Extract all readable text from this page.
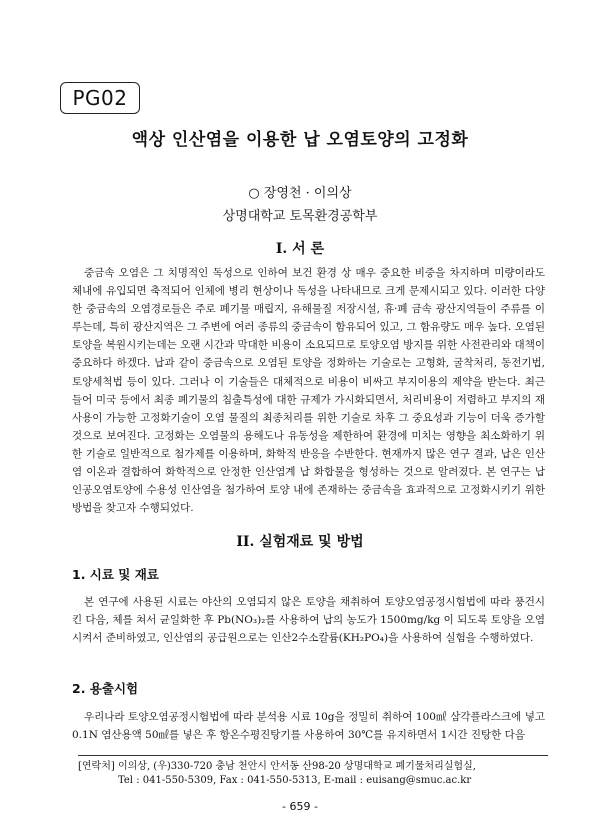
PG02
액상 인산염을 이용한 납 오염토양의 고정화
○ 장영천 · 이의상
상명대학교 토목환경공학부
I. 서 론

중금속 오염은 그 치명적인 독성으로 인하여 보건 환경 상 매우 중요한 비중을 차지하며 미량이라도 체내에 유입되면 축적되어 인체에 병리 현상이나 독성을 나타내므로 크게 문제시되고 있다. 이러한 다양한 중금속의 오염경로들은 주로 폐기물 매립지, 유해물질 저장시설, 휴·폐 금속 광산지역들이 주류를 이루는데, 특히 광산지역은 그 주변에 여러 종류의 중금속이 함유되어 있고, 그 함유량도 매우 높다. 오염된 토양을 복원시키는데는 오랜 시간과 막대한 비용이 소요되므로 토양오염 방지를 위한 사전관리와 대책이 중요하다 하겠다. 납과 같이 중금속으로 오염된 토양을 정화하는 기술로는 고형화, 굴착처리, 동전기법, 토양세척법 등이 있다. 그러나 이 기술들은 대체적으로 비용이 비싸고 부지이용의 제약을 받는다. 최근 들어 미국 등에서 최종 폐기물의 침출특성에 대한 규제가 가시화되면서, 처리비용이 저렴하고 부지의 재사용이 가능한 고정화기술이 오염 물질의 최종처리를 위한 기술로 차후 그 중요성과 기능이 더욱 증가할 것으로 보여진다. 고정화는 오염물의 용해도나 유동성을 제한하여 환경에 미치는 영향을 최소화하기 위한 기술로 일반적으로 첨가제를 이용하며, 화학적 반응을 수반한다. 현재까지 많은 연구 결과, 납은 인산염 이온과 결합하여 화학적으로 안정한 인산염계 납 화합물을 형성하는 것으로 알려졌다. 본 연구는 납 인공오염토양에 수용성 인산염을 첨가하여 토양 내에 존재하는 중금속을 효과적으로 고정화시키기 위한 방법을 찾고자 수행되었다.

II. 실험재료 및 방법
1. 시료 및 재료

본 연구에 사용된 시료는 야산의 오염되지 않은 토양을 채취하여 토양오염공정시험법에 따라 풍건시킨 다음, 체를 쳐서 균일화한 후 Pb(NO₃)₂를 사용하여 납의 농도가 1500mg/kg 이 되도록 토양을 오염시켜서 준비하였고, 인산염의 공급원으로는 인산2수소칼륨(KH₂PO₄)을 사용하여 실험을 수행하였다.

2. 용출시험

우리나라 토양오염공정시험법에 따라 분석용 시료 10g을 정밀히 취하여 100㎖ 삼각플라스크에 넣고 0.1N 염산용액 50㎖를 넣은 후 항온수평진탕기를 사용하여 30℃를 유지하면서 1시간 진탕한 다음

[연락처] 이의상, (우)330-720 충남 천안시 안서동 산98-20 상명대학교 폐기물처리실험실,
Tel : 041-550-5309, Fax : 041-550-5313, E-mail : euisang@smuc.ac.kr
- 659 -
